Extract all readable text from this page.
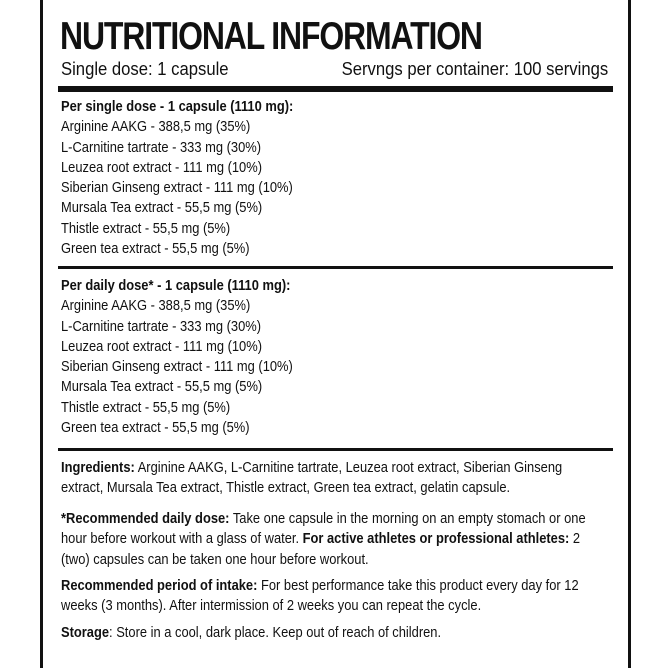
NUTRITIONAL INFORMATION
Single dose: 1 capsule	Servngs per container: 100 servings
Per single dose - 1 capsule (1110 mg):
Arginine AAKG - 388,5 mg (35%)
L-Carnitine tartrate - 333 mg (30%)
Leuzea root extract - 111 mg (10%)
Siberian Ginseng extract - 111 mg (10%)
Mursala Tea extract - 55,5 mg (5%)
Thistle extract - 55,5 mg (5%)
Green tea extract - 55,5 mg (5%)
Per daily dose* - 1 capsule (1110 mg):
Arginine AAKG - 388,5 mg (35%)
L-Carnitine tartrate - 333 mg (30%)
Leuzea root extract - 111 mg (10%)
Siberian Ginseng extract - 111 mg (10%)
Mursala Tea extract - 55,5 mg (5%)
Thistle extract - 55,5 mg (5%)
Green tea extract - 55,5 mg (5%)
Ingredients: Arginine AAKG, L-Carnitine tartrate, Leuzea root extract, Siberian Ginseng extract, Mursala Tea extract, Thistle extract, Green tea extract, gelatin capsule.
*Recommended daily dose: Take one capsule in the morning on an empty stomach or one hour before workout with a glass of water. For active athletes or professional athletes: 2 (two) capsules can be taken one hour before workout.
Recommended period of intake: For best performance take this product every day for 12 weeks (3 months). After intermission of 2 weeks you can repeat the cycle.
Storage: Store in a cool, dark place. Keep out of reach of children.
